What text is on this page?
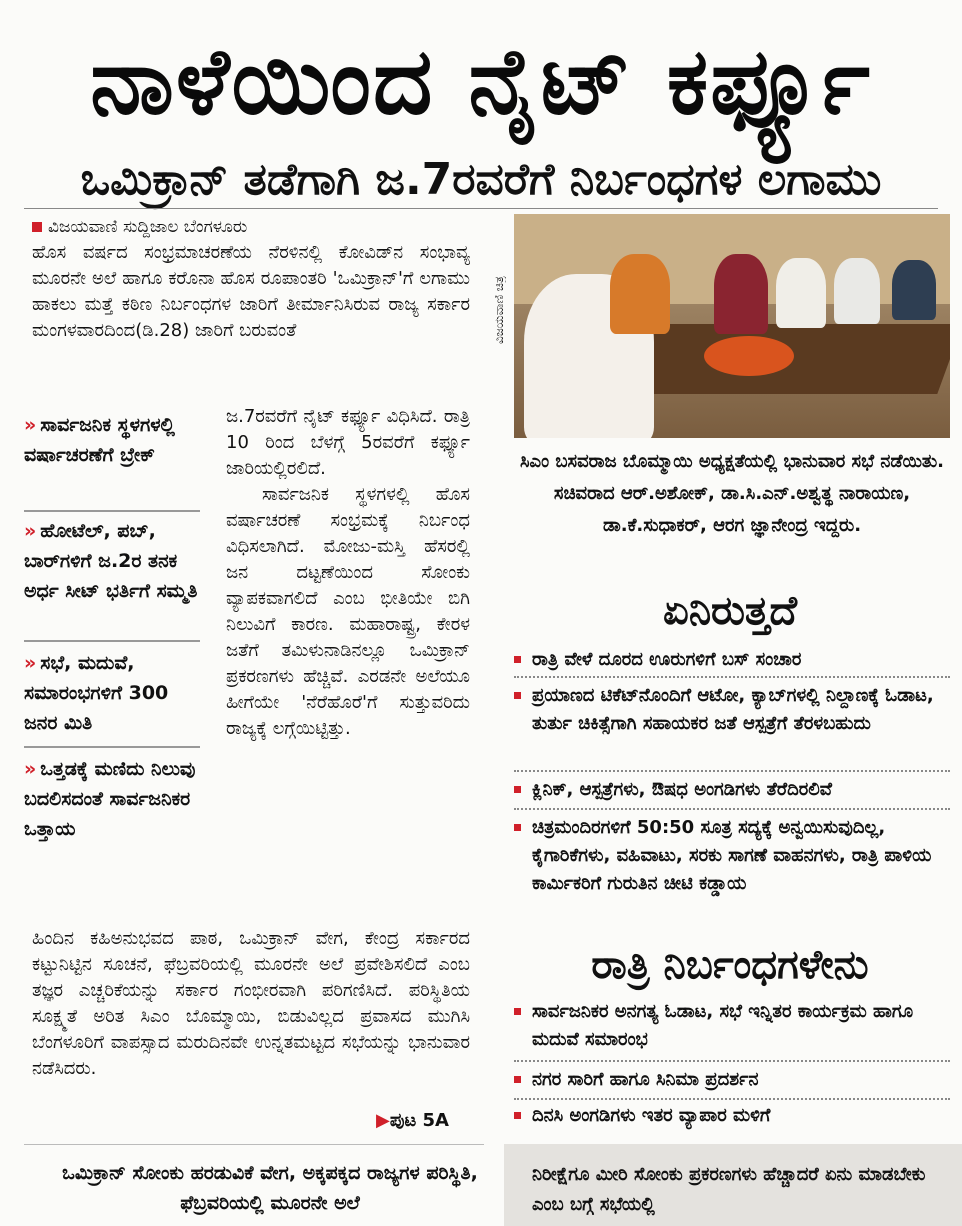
ನಾಳೆಯಿಂದ ನೈಟ್ ಕರ್ಫ್ಯೂ
ಒಮಿಕ್ರಾನ್ ತಡೆಗಾಗಿ ಜ.7ರವರೆಗೆ ನಿರ್ಬಂಧಗಳ ಲಗಾಮು
ವಿಜಯವಾಣಿ ಸುದ್ದಿಜಾಲ ಬೆಂಗಳೂರು
ಹೊಸ ವರ್ಷದ ಸಂಭ್ರಮಾಚರಣೆಯ ನೆರಳಿನಲ್ಲಿ ಕೋವಿಡ್‌ನ ಸಂಭಾವ್ಯ ಮೂರನೇ ಅಲೆ ಹಾಗೂ ಕರೊನಾ ಹೊಸ ರೂಪಾಂತರಿ 'ಒಮಿಕ್ರಾನ್'ಗೆ ಲಗಾಮು ಹಾಕಲು ಮತ್ತೆ ಕಠಿಣ ನಿರ್ಬಂಧಗಳ ಜಾರಿಗೆ ತೀರ್ಮಾನಿಸಿರುವ ರಾಜ್ಯ ಸರ್ಕಾರ ಮಂಗಳವಾರದಿಂದ(ಡಿ.28) ಜಾರಿಗೆ ಬರುವಂತೆ
» ಸಾರ್ವಜನಿಕ ಸ್ಥಳಗಳಲ್ಲಿ ವರ್ಷಾಚರಣೆಗೆ ಬ್ರೇಕ್
» ಹೋಟೆಲ್, ಪಬ್, ಬಾರ್‌ಗಳಿಗೆ ಜ.2ರ ತನಕ ಅರ್ಧ ಸೀಟ್ ಭರ್ತಿಗೆ ಸಮ್ಮತಿ
» ಸಭೆ, ಮದುವೆ, ಸಮಾರಂಭಗಳಿಗೆ 300 ಜನರ ಮಿತಿ
» ಒತ್ತಡಕ್ಕೆ ಮಣಿದು ನಿಲುವು ಬದಲಿಸದಂತೆ ಸಾರ್ವಜನಿಕರ ಒತ್ತಾಯ
ಜ.7ರವರೆಗೆ ನೈಟ್ ಕರ್ಫ್ಯೂ ವಿಧಿಸಿದೆ. ರಾತ್ರಿ 10 ರಿಂದ ಬೆಳಗ್ಗೆ 5ರವರೆಗೆ ಕರ್ಫ್ಯೂ ಜಾರಿಯಲ್ಲಿರಲಿದೆ.
ಸಾರ್ವಜನಿಕ ಸ್ಥಳಗಳಲ್ಲಿ ಹೊಸ ವರ್ಷಾಚರಣೆ ಸಂಭ್ರಮಕ್ಕೆ ನಿರ್ಬಂಧ ವಿಧಿಸಲಾಗಿದೆ. ಮೋಜು-ಮಸ್ತಿ ಹೆಸರಲ್ಲಿ ಜನ ದಟ್ಟಣೆಯಿಂದ ಸೋಂಕು ವ್ಯಾಪಕವಾಗಲಿದೆ ಎಂಬ ಭೀತಿಯೇ ಬಿಗಿ ನಿಲುವಿಗೆ ಕಾರಣ. ಮಹಾರಾಷ್ಟ್ರ, ಕೇರಳ ಜತೆಗೆ ತಮಿಳುನಾಡಿನಲ್ಲೂ ಒಮಿಕ್ರಾನ್ ಪ್ರಕರಣಗಳು ಹೆಚ್ಚಿವೆ. ಎರಡನೇ ಅಲೆಯೂ ಹೀಗೆಯೇ 'ನೆರೆಹೊರೆ'ಗೆ ಸುತ್ತುವರಿದು ರಾಜ್ಯಕ್ಕೆ ಲಗ್ಗೆಯಿಟ್ಟಿತ್ತು.
ಹಿಂದಿನ ಕಹಿಅನುಭವದ ಪಾಠ, ಒಮಿಕ್ರಾನ್ ವೇಗ, ಕೇಂದ್ರ ಸರ್ಕಾರದ ಕಟ್ಟುನಿಟ್ಟಿನ ಸೂಚನೆ, ಫೆಬ್ರವರಿಯಲ್ಲಿ ಮೂರನೇ ಅಲೆ ಪ್ರವೇಶಿಸಲಿದೆ ಎಂಬ ತಜ್ಞರ ಎಚ್ಚರಿಕೆಯನ್ನು ಸರ್ಕಾರ ಗಂಭೀರವಾಗಿ ಪರಿಗಣಿಸಿದೆ. ಪರಿಸ್ಥಿತಿಯ ಸೂಕ್ಷ್ಮತೆ ಅರಿತ ಸಿಎಂ ಬೊಮ್ಮಾಯಿ, ಬಿಡುವಿಲ್ಲದ ಪ್ರವಾಸದ ಮುಗಿಸಿ ಬೆಂಗಳೂರಿಗೆ ವಾಪಸ್ಸಾದ ಮರುದಿನವೇ ಉನ್ನತಮಟ್ಟದ ಸಭೆಯನ್ನು ಭಾನುವಾರ ನಡೆಸಿದರು.
▶ಪುಟ 5A
ಒಮಿಕ್ರಾನ್ ಸೋಂಕು ಹರಡುವಿಕೆ ವೇಗ, ಅಕ್ಕಪಕ್ಕದ ರಾಜ್ಯಗಳ ಪರಿಸ್ಥಿತಿ, ಫೆಬ್ರವರಿಯಲ್ಲಿ ಮೂರನೇ ಅಲೆ
ವಿಜಯವಾಣಿ ಚಿತ್ರ
ಸಿಎಂ ಬಸವರಾಜ ಬೊಮ್ಮಾಯಿ ಅಧ್ಯಕ್ಷತೆಯಲ್ಲಿ ಭಾನುವಾರ ಸಭೆ ನಡೆಯಿತು. ಸಚಿವರಾದ ಆರ್.ಅಶೋಕ್, ಡಾ.ಸಿ.ಎನ್.ಅಶ್ವತ್ಥ ನಾರಾಯಣ, ಡಾ.ಕೆ.ಸುಧಾಕರ್, ಆರಗ ಜ್ಞಾನೇಂದ್ರ ಇದ್ದರು.
ಏನಿರುತ್ತದೆ
ರಾತ್ರಿ ವೇಳೆ ದೂರದ ಊರುಗಳಿಗೆ ಬಸ್ ಸಂಚಾರ
ಪ್ರಯಾಣದ ಟಿಕೆಟ್‌ನೊಂದಿಗೆ ಆಟೋ, ಕ್ಯಾಬ್‌ಗಳಲ್ಲಿ ನಿಲ್ದಾಣಕ್ಕೆ ಓಡಾಟ, ತುರ್ತು ಚಿಕಿತ್ಸೆಗಾಗಿ ಸಹಾಯಕರ ಜತೆ ಆಸ್ಪತ್ರೆಗೆ ತೆರಳಬಹುದು
ಕ್ಲಿನಿಕ್, ಆಸ್ಪತ್ರೆಗಳು, ಔಷಧ ಅಂಗಡಿಗಳು ತೆರೆದಿರಲಿವೆ
ಚಿತ್ರಮಂದಿರಗಳಿಗೆ 50:50 ಸೂತ್ರ ಸದ್ಯಕ್ಕೆ ಅನ್ವಯಿಸುವುದಿಲ್ಲ, ಕೈಗಾರಿಕೆಗಳು, ವಹಿವಾಟು, ಸರಕು ಸಾಗಣೆ ವಾಹನಗಳು, ರಾತ್ರಿ ಪಾಳಿಯ ಕಾರ್ಮಿಕರಿಗೆ ಗುರುತಿನ ಚೀಟಿ ಕಡ್ಡಾಯ
ರಾತ್ರಿ ನಿರ್ಬಂಧಗಳೇನು
ಸಾರ್ವಜನಿಕರ ಅನಗತ್ಯ ಓಡಾಟ, ಸಭೆ ಇನ್ನಿತರ ಕಾರ್ಯಕ್ರಮ ಹಾಗೂ ಮದುವೆ ಸಮಾರಂಭ
ನಗರ ಸಾರಿಗೆ ಹಾಗೂ ಸಿನಿಮಾ ಪ್ರದರ್ಶನ
ದಿನಸಿ ಅಂಗಡಿಗಳು ಇತರ ವ್ಯಾಪಾರ ಮಳಿಗೆ
ನಿರೀಕ್ಷೆಗೂ ಮೀರಿ ಸೋಂಕು ಪ್ರಕರಣಗಳು ಹೆಚ್ಚಾದರೆ ಏನು ಮಾಡಬೇಕು ಎಂಬ ಬಗ್ಗೆ ಸಭೆಯಲ್ಲಿ
